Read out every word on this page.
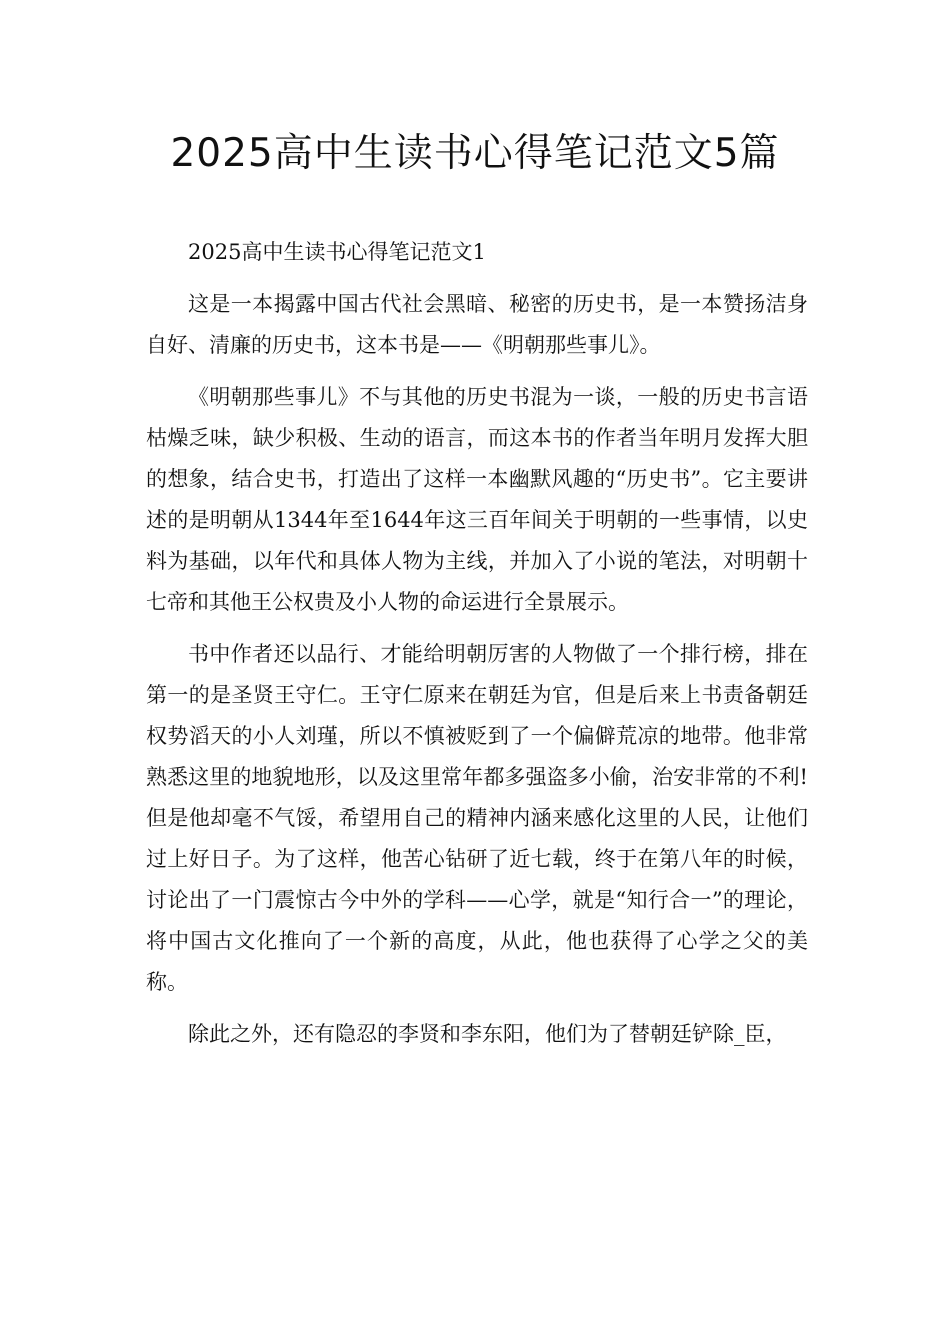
2025高中生读书心得笔记范文5篇

2025高中生读书心得笔记范文1

这是一本揭露中国古代社会黑暗、秘密的历史书，是一本赞扬洁身自好、清廉的历史书，这本书是——《明朝那些事儿》。

《明朝那些事儿》不与其他的历史书混为一谈，一般的历史书言语枯燥乏味，缺少积极、生动的语言，而这本书的作者当年明月发挥大胆的想象，结合史书，打造出了这样一本幽默风趣的“历史书”。它主要讲述的是明朝从1344年至1644年这三百年间关于明朝的一些事情，以史料为基础，以年代和具体人物为主线，并加入了小说的笔法，对明朝十七帝和其他王公权贵及小人物的命运进行全景展示。

书中作者还以品行、才能给明朝厉害的人物做了一个排行榜，排在第一的是圣贤王守仁。王守仁原来在朝廷为官，但是后来上书责备朝廷权势滔天的小人刘瑾，所以不慎被贬到了一个偏僻荒凉的地带。他非常熟悉这里的地貌地形，以及这里常年都多强盗多小偷，治安非常的不利!但是他却毫不气馁，希望用自己的精神内涵来感化这里的人民，让他们过上好日子。为了这样，他苦心钻研了近七载，终于在第八年的时候，讨论出了一门震惊古今中外的学科——心学，就是“知行合一”的理论，将中国古文化推向了一个新的高度，从此，他也获得了心学之父的美称。

除此之外，还有隐忍的李贤和李东阳，他们为了替朝廷铲除_臣，
